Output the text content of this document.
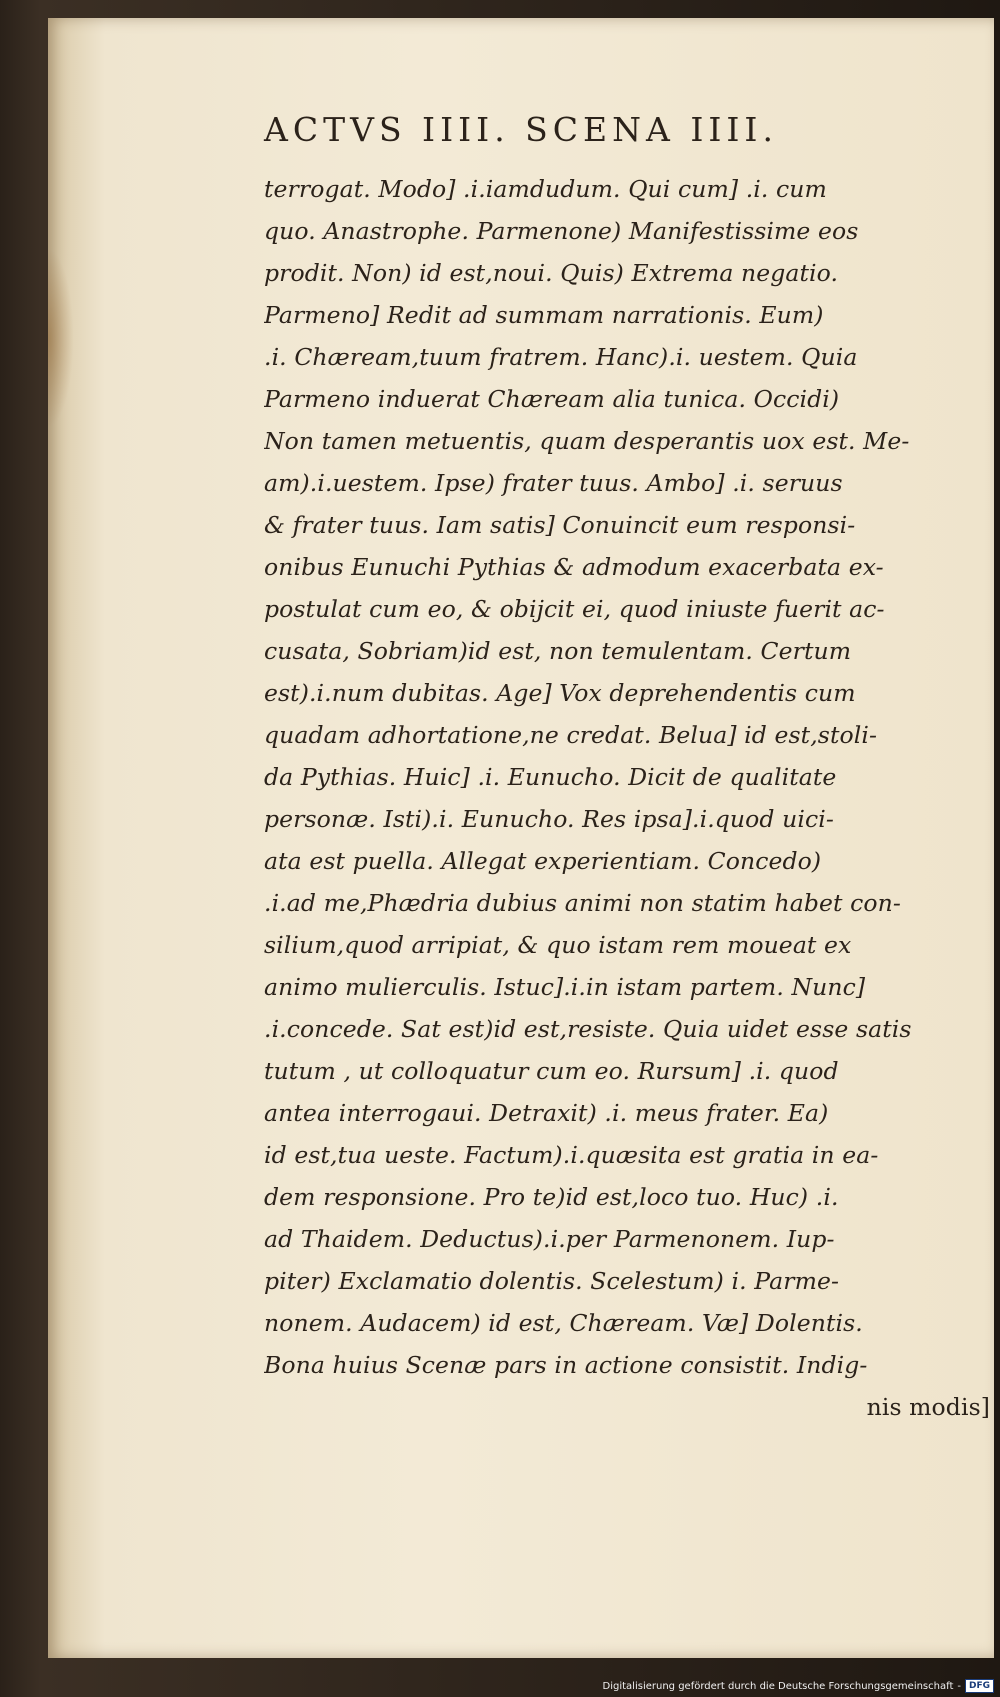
ACTVS IIII. SCENA IIII.
terrogat. Modo] .i.iamdudum. Qui cum] .i. cum
quo. Anastrophe. Parmenone) Manifestissime eos
prodit. Non) id est,noui. Quis) Extrema negatio.
Parmeno] Redit ad summam narrationis. Eum)
.i. Chæream,tuum fratrem. Hanc).i. uestem. Quia
Parmeno induerat Chæream alia tunica. Occidi)
Non tamen metuentis, quam desperantis uox est. Me-
am).i.uestem. Ipse) frater tuus. Ambo] .i. seruus
& frater tuus. Iam satis] Conuincit eum responsi-
onibus Eunuchi Pythias & admodum exacerbata ex-
postulat cum eo, & obijcit ei, quod iniuste fuerit ac-
cusata, Sobriam)id est, non temulentam. Certum
est).i.num dubitas. Age] Vox deprehendentis cum
quadam adhortatione,ne credat. Belua] id est,stoli-
da Pythias. Huic] .i. Eunucho. Dicit de qualitate
personæ. Isti).i. Eunucho. Res ipsa].i.quod uici-
ata est puella. Allegat experientiam. Concedo)
.i.ad me,Phædria dubius animi non statim habet con-
silium,quod arripiat, & quo istam rem moueat ex
animo mulierculis. Istuc].i.in istam partem. Nunc]
.i.concede. Sat est)id est,resiste. Quia uidet esse satis
tutum , ut colloquatur cum eo. Rursum] .i. quod
antea interrogaui. Detraxit) .i. meus frater. Ea)
id est,tua ueste. Factum).i.quæsita est gratia in ea-
dem responsione. Pro te)id est,loco tuo. Huc) .i.
ad Thaidem. Deductus).i.per Parmenonem. Iup-
piter) Exclamatio dolentis. Scelestum) i. Parme-
nonem. Audacem) id est, Chæream. Væ] Dolentis.
Bona huius Scenæ pars in actione consistit. Indig-
nis modis]
Digitalisierung gefördert durch die Deutsche Forschungsgemeinschaft - DFG
